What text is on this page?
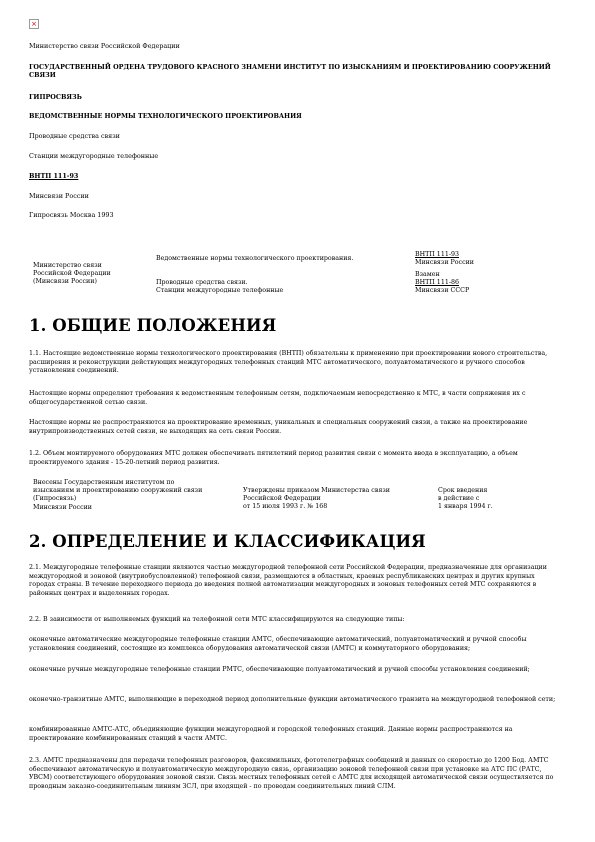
×
Министерство связи Российской Федерации
ГОСУДАРСТВЕННЫЙ ОРДЕНА ТРУДОВОГО КРАСНОГО ЗНАМЕНИ ИНСТИТУТ ПО ИЗЫСКАНИЯМ И ПРОЕКТИРОВАНИЮ СООРУЖЕНИЙ СВЯЗИ
ГИПРОСВЯЗЬ
ВЕДОМСТВЕННЫЕ НОРМЫ ТЕХНОЛОГИЧЕСКОГО ПРОЕКТИРОВАНИЯ
Проводные средства связи
Станции междугородные телефонные
ВНТП 111-93
Минсвязи России
Гипросвязь Москва 1993
Министерство связи
Российской Федерации
(Минсвязи России)
Ведомственные нормы технологического проектирования.
Проводные средства связи.
Станции междугородные телефонные
ВНТП 111-93
Минсвязи России
Взамен
ВНТП 111-86
Минсвязи СССР
1. ОБЩИЕ ПОЛОЖЕНИЯ
1.1. Настоящие ведомственные нормы технологического проектирования (ВНТП) обязательны к применению при проектировании нового строительства, расширения и реконструкции действующих междугородных телефонных станций МТС автоматического, полуавтоматического и ручного способов установления соединений.
Настоящие нормы определяют требования к ведомственным телефонным сетям, подключаемым непосредственно к МТС, в части сопряжения их с общегосударственной сетью связи.
Настоящие нормы не распространяются на проектирование временных, уникальных и специальных сооружений связи, а также на проектирование внутрипроизводственных сетей связи, не выходящих на сеть связи России.
1.2. Объем монтируемого оборудования МТС должен обеспечивать пятилетний период развития связи с момента ввода в эксплуатацию, а объем проектируемого здания - 15-20-летний период развития.
Внесены Государственным институтом по
изысканиям и проектированию сооружений связи
(Гипросвязь)
Минсвязи России
Утверждены приказом Министерства связи
Российской Федерации
от 15 июля 1993 г. № 168
Срок введения
в действие с
1 января 1994 г.
2. ОПРЕДЕЛЕНИЕ И КЛАССИФИКАЦИЯ
2.1. Междугородные телефонные станции являются частью междугородной телефонной сети Российской Федерации, предназначенные для организации междугородной и зоновой (внутриобусловленной) телефонной связи, размещаются в областных, краевых республиканских центрах и других крупных городах страны. В течение переходного периода до введения полной автоматизации междугородных и зоновых телефонных сетей МТС сохраняются в районных центрах и выделенных городах.
2.2. В зависимости от выполняемых функций на телефонной сети МТС классифицируются на следующие типы:
оконечные автоматические междугородные телефонные станции АМТС, обеспечивающие автоматический, полуавтоматический и ручной способы установления соединений, состоящие из комплекса оборудования автоматической связи (АМТС) и коммутаторного оборудования;
оконечные ручные междугородные телефонные станции РМТС, обеспечивающие полуавтоматический и ручной способы установления соединений;
оконечно-транзитные АМТС, выполняющие в переходной период дополнительные функции автоматического транзита на междугородной телефонной сети;
комбинированные АМТС-АТС, объединяющие функции междугородной и городской телефонных станций. Данные нормы распространяются на проектирование комбинированных станций в части АМТС.
2.3. АМТС предназначены для передачи телефонных разговоров, факсимильных, фототелеграфных сообщений и данных со скоростью до 1200 Бод. АМТС обеспечивают автоматическую и полуавтоматическую междугородную связь, организацию зоновой телефонной связи при установке на АТС ПС (РАТС, УВСМ) соответствующего оборудования зоновой связи. Связь местных телефонных сетей с АМТС для исходящей автоматической связи осуществляется по проводным заказно-соединительным линиям ЗСЛ, при входящей - по проводам соединительных линий СЛМ.
